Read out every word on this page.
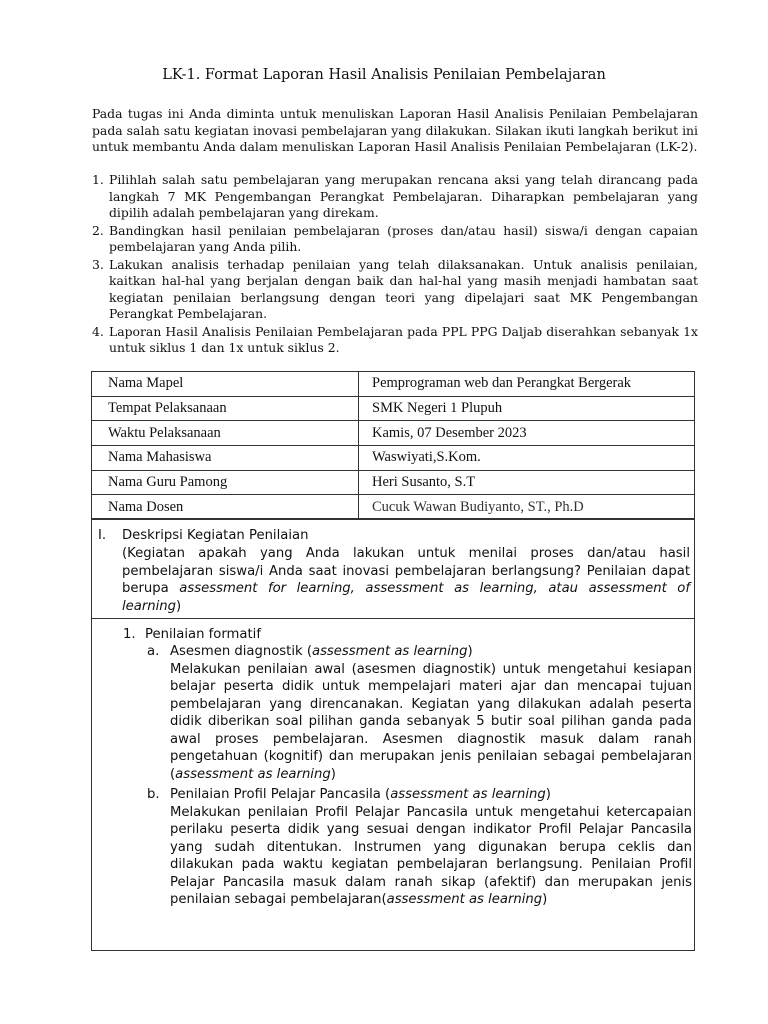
LK-1. Format Laporan Hasil Analisis Penilaian Pembelajaran
Pada tugas ini Anda diminta untuk menuliskan Laporan Hasil Analisis Penilaian Pembelajaran pada salah satu kegiatan inovasi pembelajaran yang dilakukan. Silakan ikuti langkah berikut ini untuk membantu Anda dalam menuliskan Laporan Hasil Analisis Penilaian Pembelajaran (LK-2).
1. Pilihlah salah satu pembelajaran yang merupakan rencana aksi yang telah dirancang pada langkah 7 MK Pengembangan Perangkat Pembelajaran. Diharapkan pembelajaran yang dipilih adalah pembelajaran yang direkam.
2. Bandingkan hasil penilaian pembelajaran (proses dan/atau hasil) siswa/i dengan capaian pembelajaran yang Anda pilih.
3. Lakukan analisis terhadap penilaian yang telah dilaksanakan. Untuk analisis penilaian, kaitkan hal-hal yang berjalan dengan baik dan hal-hal yang masih menjadi hambatan saat kegiatan penilaian berlangsung dengan teori yang dipelajari saat MK Pengembangan Perangkat Pembelajaran.
4. Laporan Hasil Analisis Penilaian Pembelajaran pada PPL PPG Daljab diserahkan sebanyak 1x untuk siklus 1 dan 1x untuk siklus 2.
Nama Mapel	Pemprograman web dan Perangkat Bergerak
Tempat Pelaksanaan	SMK Negeri 1 Plupuh
Waktu Pelaksanaan	Kamis, 07 Desember 2023
Nama Mahasiswa	Waswiyati,S.Kom.
Nama Guru Pamong	Heri Susanto, S.T
Nama Dosen	Cucuk Wawan Budiyanto, ST., Ph.D
I. Deskripsi Kegiatan Penilaian
(Kegiatan apakah yang Anda lakukan untuk menilai proses dan/atau hasil pembelajaran siswa/i Anda saat inovasi pembelajaran berlangsung? Penilaian dapat berupa assessment for learning, assessment as learning, atau assessment of learning)
1. Penilaian formatif
a. Asesmen diagnostik (assessment as learning)
Melakukan penilaian awal (asesmen diagnostik) untuk mengetahui kesiapan belajar peserta didik untuk mempelajari materi ajar dan mencapai tujuan pembelajaran yang direncanakan. Kegiatan yang dilakukan adalah peserta didik diberikan soal pilihan ganda sebanyak 5 butir soal pilihan ganda pada awal proses pembelajaran. Asesmen diagnostik masuk dalam ranah pengetahuan (kognitif) dan merupakan jenis penilaian sebagai pembelajaran (assessment as learning)
b. Penilaian Profil Pelajar Pancasila (assessment as learning)
Melakukan penilaian Profil Pelajar Pancasila untuk mengetahui ketercapaian perilaku peserta didik yang sesuai dengan indikator Profil Pelajar Pancasila yang sudah ditentukan. Instrumen yang digunakan berupa ceklis dan dilakukan pada waktu kegiatan pembelajaran berlangsung. Penilaian Profil Pelajar Pancasila masuk dalam ranah sikap (afektif) dan merupakan jenis penilaian sebagai pembelajaran(assessment as learning)
